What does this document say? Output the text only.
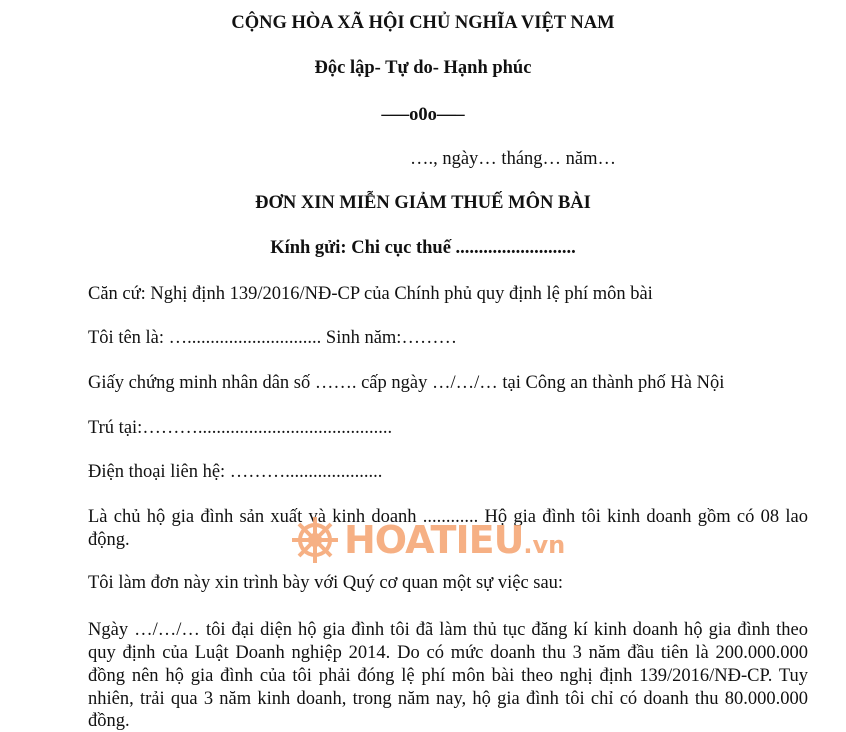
CỘNG HÒA XÃ HỘI CHỦ NGHĨA VIỆT NAM
Độc lập- Tự do- Hạnh phúc
–—o0o—–
…., ngày… tháng… năm…
ĐƠN XIN MIỄN GIẢM THUẾ MÔN BÀI
Kính gửi: Chi cục thuế ..........................
Căn cứ: Nghị định 139/2016/NĐ-CP của Chính phủ quy định lệ phí môn bài
Tôi tên là: …............................. Sinh năm:………
Giấy chứng minh nhân dân số ……. cấp ngày …/…/… tại Công an thành phố Hà Nội
Trú tại:………..........................................
Điện thoại liên hệ: ……….....................
Là chủ hộ gia đình sản xuất và kinh doanh ............ Hộ gia đình tôi kinh doanh gồm có 08 lao
động.
Tôi làm đơn này xin trình bày với Quý cơ quan một sự việc sau:
Ngày …/…/… tôi đại diện hộ gia đình tôi đã làm thủ tục đăng kí kinh doanh hộ gia đình theo
quy định của Luật Doanh nghiệp 2014. Do có mức doanh thu 3 năm đầu tiên là 200.000.000
đồng nên hộ gia đình của tôi phải đóng lệ phí môn bài theo nghị định 139/2016/NĐ-CP. Tuy
nhiên, trải qua 3 năm kinh doanh, trong năm nay, hộ gia đình tôi chỉ có doanh thu 80.000.000
đồng.
HOATIEU .vn
